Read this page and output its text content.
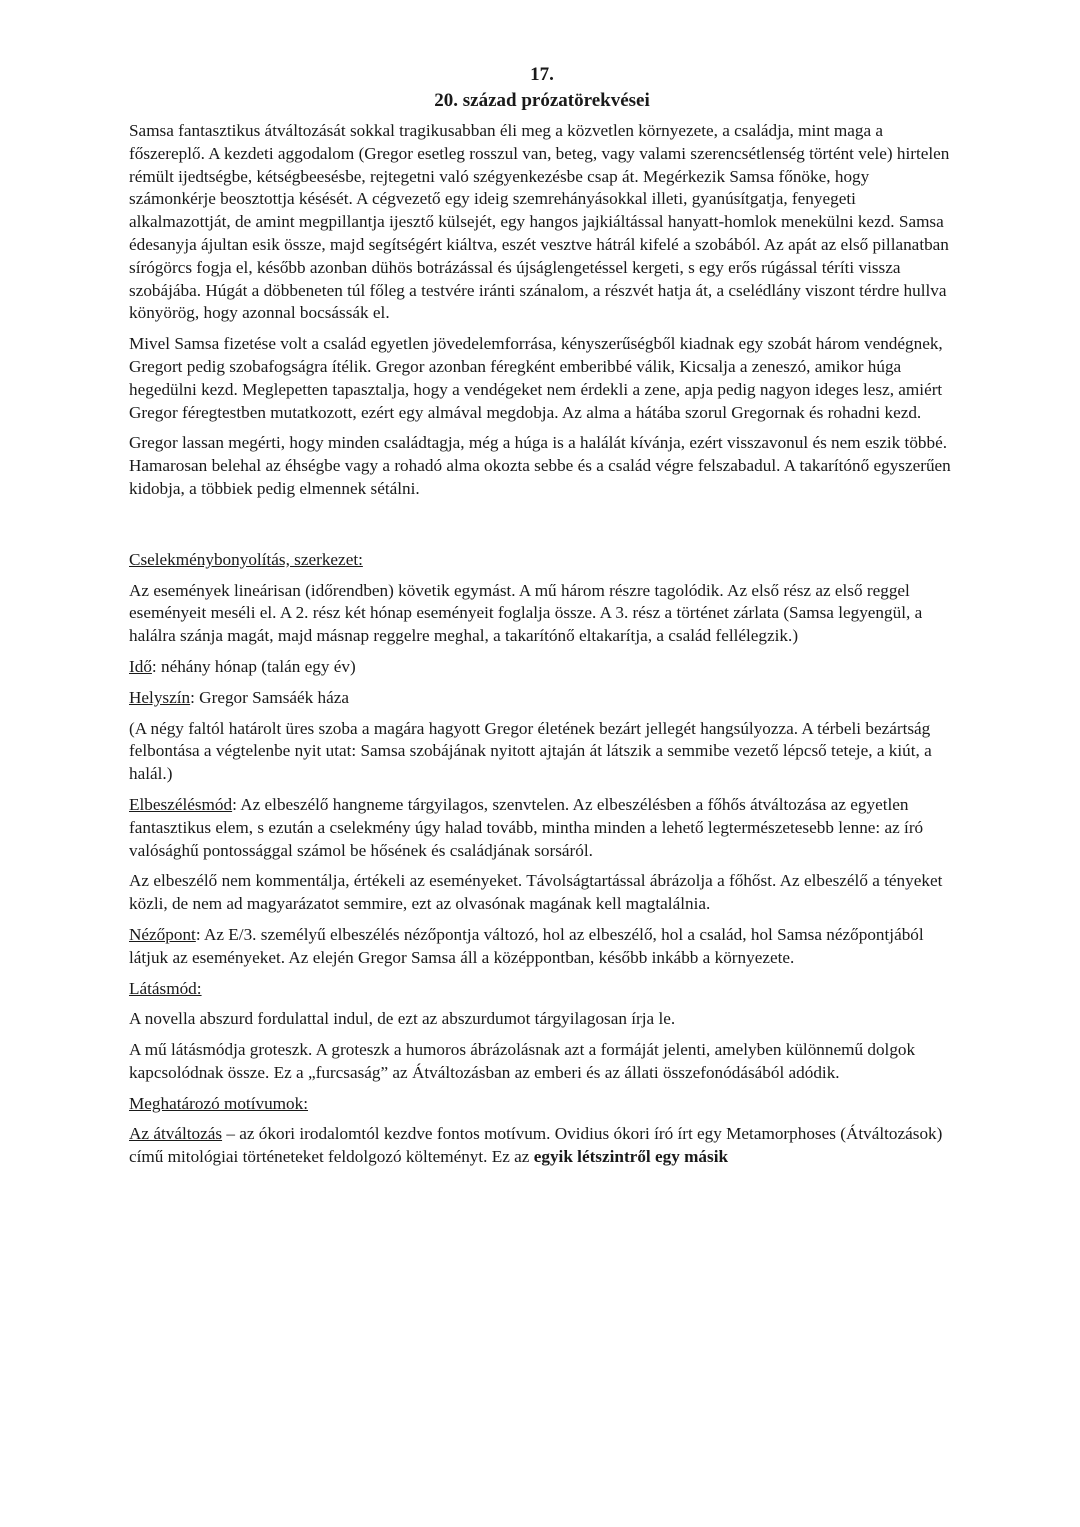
17.
20. század prózatörekvései

Samsa fantasztikus átváltozását sokkal tragikusabban éli meg a közvetlen környezete, a családja, mint maga a főszereplő. A kezdeti aggodalom (Gregor esetleg rosszul van, beteg, vagy valami szerencsétlenség történt vele) hirtelen rémült ijedtségbe, kétségbeesésbe, rejtegetni való szégyenkezésbe csap át. Megérkezik Samsa főnöke, hogy számonkérje beosztottja késését. A cégvezető egy ideig szemrehányásokkal illeti, gyanúsítgatja, fenyegeti alkalmazottját, de amint megpillantja ijesztő külsejét, egy hangos jajkiáltással hanyatt-homlok menekülni kezd. Samsa édesanyja ájultan esik össze, majd segítségért kiáltva, eszét vesztve hátrál kifelé a szobából. Az apát az első pillanatban sírógörcs fogja el, később azonban dühös botrázással és újságlengetéssel kergeti, s egy erős rúgással téríti vissza szobájába. Húgát a döbbeneten túl főleg a testvére iránti szánalom, a részvét hatja át, a cselédlány viszont térdre hullva könyörög, hogy azonnal bocsássák el.

Mivel Samsa fizetése volt a család egyetlen jövedelemforrása, kényszerűségből kiadnak egy szobát három vendégnek, Gregort pedig szobafogságra ítélik. Gregor azonban féregként emberibbé válik, Kicsalja a zeneszó, amikor húga hegedülni kezd. Meglepetten tapasztalja, hogy a vendégeket nem érdekli a zene, apja pedig nagyon ideges lesz, amiért Gregor féregtestben mutatkozott, ezért egy almával megdobja. Az alma a hátába szorul Gregornak és rohadni kezd.

Gregor lassan megérti, hogy minden családtagja, még a húga is a halálát kívánja, ezért visszavonul és nem eszik többé. Hamarosan belehal az éhségbe vagy a rohadó alma okozta sebbe és a család végre felszabadul. A takarítónő egyszerűen kidobja, a többiek pedig elmennek sétálni.

Cselekménybonyolítás, szerkezet:

Az események lineárisan (időrendben) követik egymást. A mű három részre tagolódik. Az első rész az első reggel eseményeit meséli el. A 2. rész két hónap eseményeit foglalja össze. A 3. rész a történet zárlata (Samsa legyengül, a halálra szánja magát, majd másnap reggelre meghal, a takarítónő eltakarítja, a család fellélegzik.)

Idő: néhány hónap (talán egy év)

Helyszín: Gregor Samsáék háza

(A négy faltól határolt üres szoba a magára hagyott Gregor életének bezárt jellegét hangsúlyozza. A térbeli bezártság felbontása a végtelenbe nyit utat: Samsa szobájának nyitott ajtaján át látszik a semmibe vezető lépcső teteje, a kiút, a halál.)

Elbeszélésmód: Az elbeszélő hangneme tárgyilagos, szenvtelen. Az elbeszélésben a főhős átváltozása az egyetlen fantasztikus elem, s ezután a cselekmény úgy halad tovább, mintha minden a lehető legtermészetesebb lenne: az író valósághű pontossággal számol be hősének és családjának sorsáról.

Az elbeszélő nem kommentálja, értékeli az eseményeket. Távolságtartással ábrázolja a főhőst. Az elbeszélő a tényeket közli, de nem ad magyarázatot semmire, ezt az olvasónak magának kell magtalálnia.

Nézőpont: Az E/3. személyű elbeszélés nézőpontja változó, hol az elbeszélő, hol a család, hol Samsa nézőpontjából látjuk az eseményeket. Az elején Gregor Samsa áll a középpontban, később inkább a környezete.

Látásmód:

A novella abszurd fordulattal indul, de ezt az abszurdumot tárgyilagosan írja le.

A mű látásmódja groteszk. A groteszk a humoros ábrázolásnak azt a formáját jelenti, amelyben különnemű dolgok kapcsolódnak össze. Ez a „furcsaság” az Átváltozásban az emberi és az állati összefonódásából adódik.

Meghatározó motívumok:

Az átváltozás – az ókori irodalomtól kezdve fontos motívum. Ovidius ókori író írt egy Metamorphoses (Átváltozások) című mitológiai történeteket feldolgozó költeményt. Ez az egyik létszintről egy másik
